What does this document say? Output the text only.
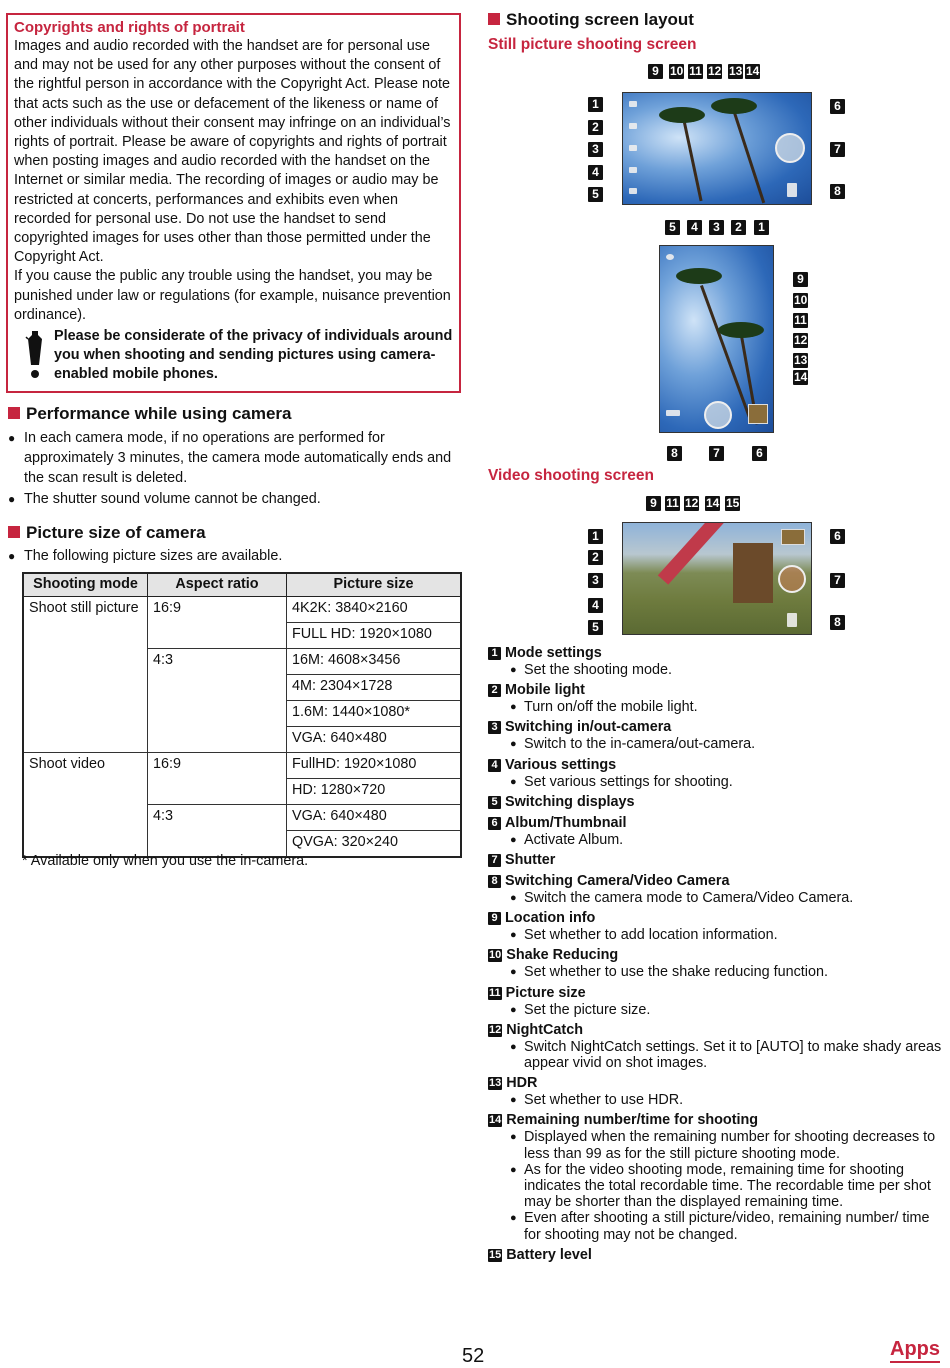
Copyrights and rights of portrait

Images and audio recorded with the handset are for personal use and may not be used for any other purposes without the consent of the rightful person in accordance with the Copyright Act. Please note that acts such as the use or defacement of the likeness or name of other individuals without their consent may infringe on an individual’s rights of portrait. Please be aware of copyrights and rights of portrait when posting images and audio recorded with the handset on the Internet or similar media. The recording of images or audio may be restricted at concerts, performances and exhibits even when recorded for personal use. Do not use the handset to send copyrighted images for uses other than those permitted under the Copyright Act.

If you cause the public any trouble using the handset, you may be punished under law or regulations (for example, nuisance prevention ordinance).

Please be considerate of the privacy of individuals around you when shooting and sending pictures using camera-enabled mobile phones.
Performance while using camera
● In each camera mode, if no operations are performed for approximately 3 minutes, the camera mode automatically ends and the scan result is deleted.
● The shutter sound volume cannot be changed.
Picture size of camera
● The following picture sizes are available.
Shooting mode	Aspect ratio	Picture size
Shoot still picture	16:9	4K2K: 3840×2160
		FULL HD: 1920×1080
	4:3	16M: 4608×3456
		4M: 2304×1728
		1.6M: 1440×1080*
		VGA: 640×480
Shoot video	16:9	FullHD: 1920×1080
		HD: 1280×720
	4:3	VGA: 640×480
		QVGA: 320×240
* Available only when you use the in-camera.
Shooting screen layout
Still picture shooting screen
Video shooting screen
9 10 11 12 13 14
1
2
3
4
5
6
7
8
5	4	3	2	1
9
10
11
12
13
14
8	7	6
9 11 12 14 15
1
2
3
4
5
6
7
8
1 Mode settings
● Set the shooting mode.
2 Mobile light
● Turn on/off the mobile light.
3 Switching in/out-camera
● Switch to the in-camera/out-camera.
4 Various settings
● Set various settings for shooting.
5 Switching displays
6 Album/Thumbnail
● Activate Album.
7 Shutter
8 Switching Camera/Video Camera
● Switch the camera mode to Camera/Video Camera.
9 Location info
● Set whether to add location information.
10 Shake Reducing
● Set whether to use the shake reducing function.
11 Picture size
● Set the picture size.
12 NightCatch
● Switch NightCatch settings. Set it to [AUTO] to make shady areas appear vivid on shot images.
13 HDR
● Set whether to use HDR.
14 Remaining number/time for shooting
● Displayed when the remaining number for shooting decreases to less than 99 as for the still picture shooting mode.
● As for the video shooting mode, remaining time for shooting indicates the total recordable time. The recordable time per shot may be shorter than the displayed remaining time.
● Even after shooting a still picture/video, remaining number/ time for shooting may not be changed.
15 Battery level
52	Apps
